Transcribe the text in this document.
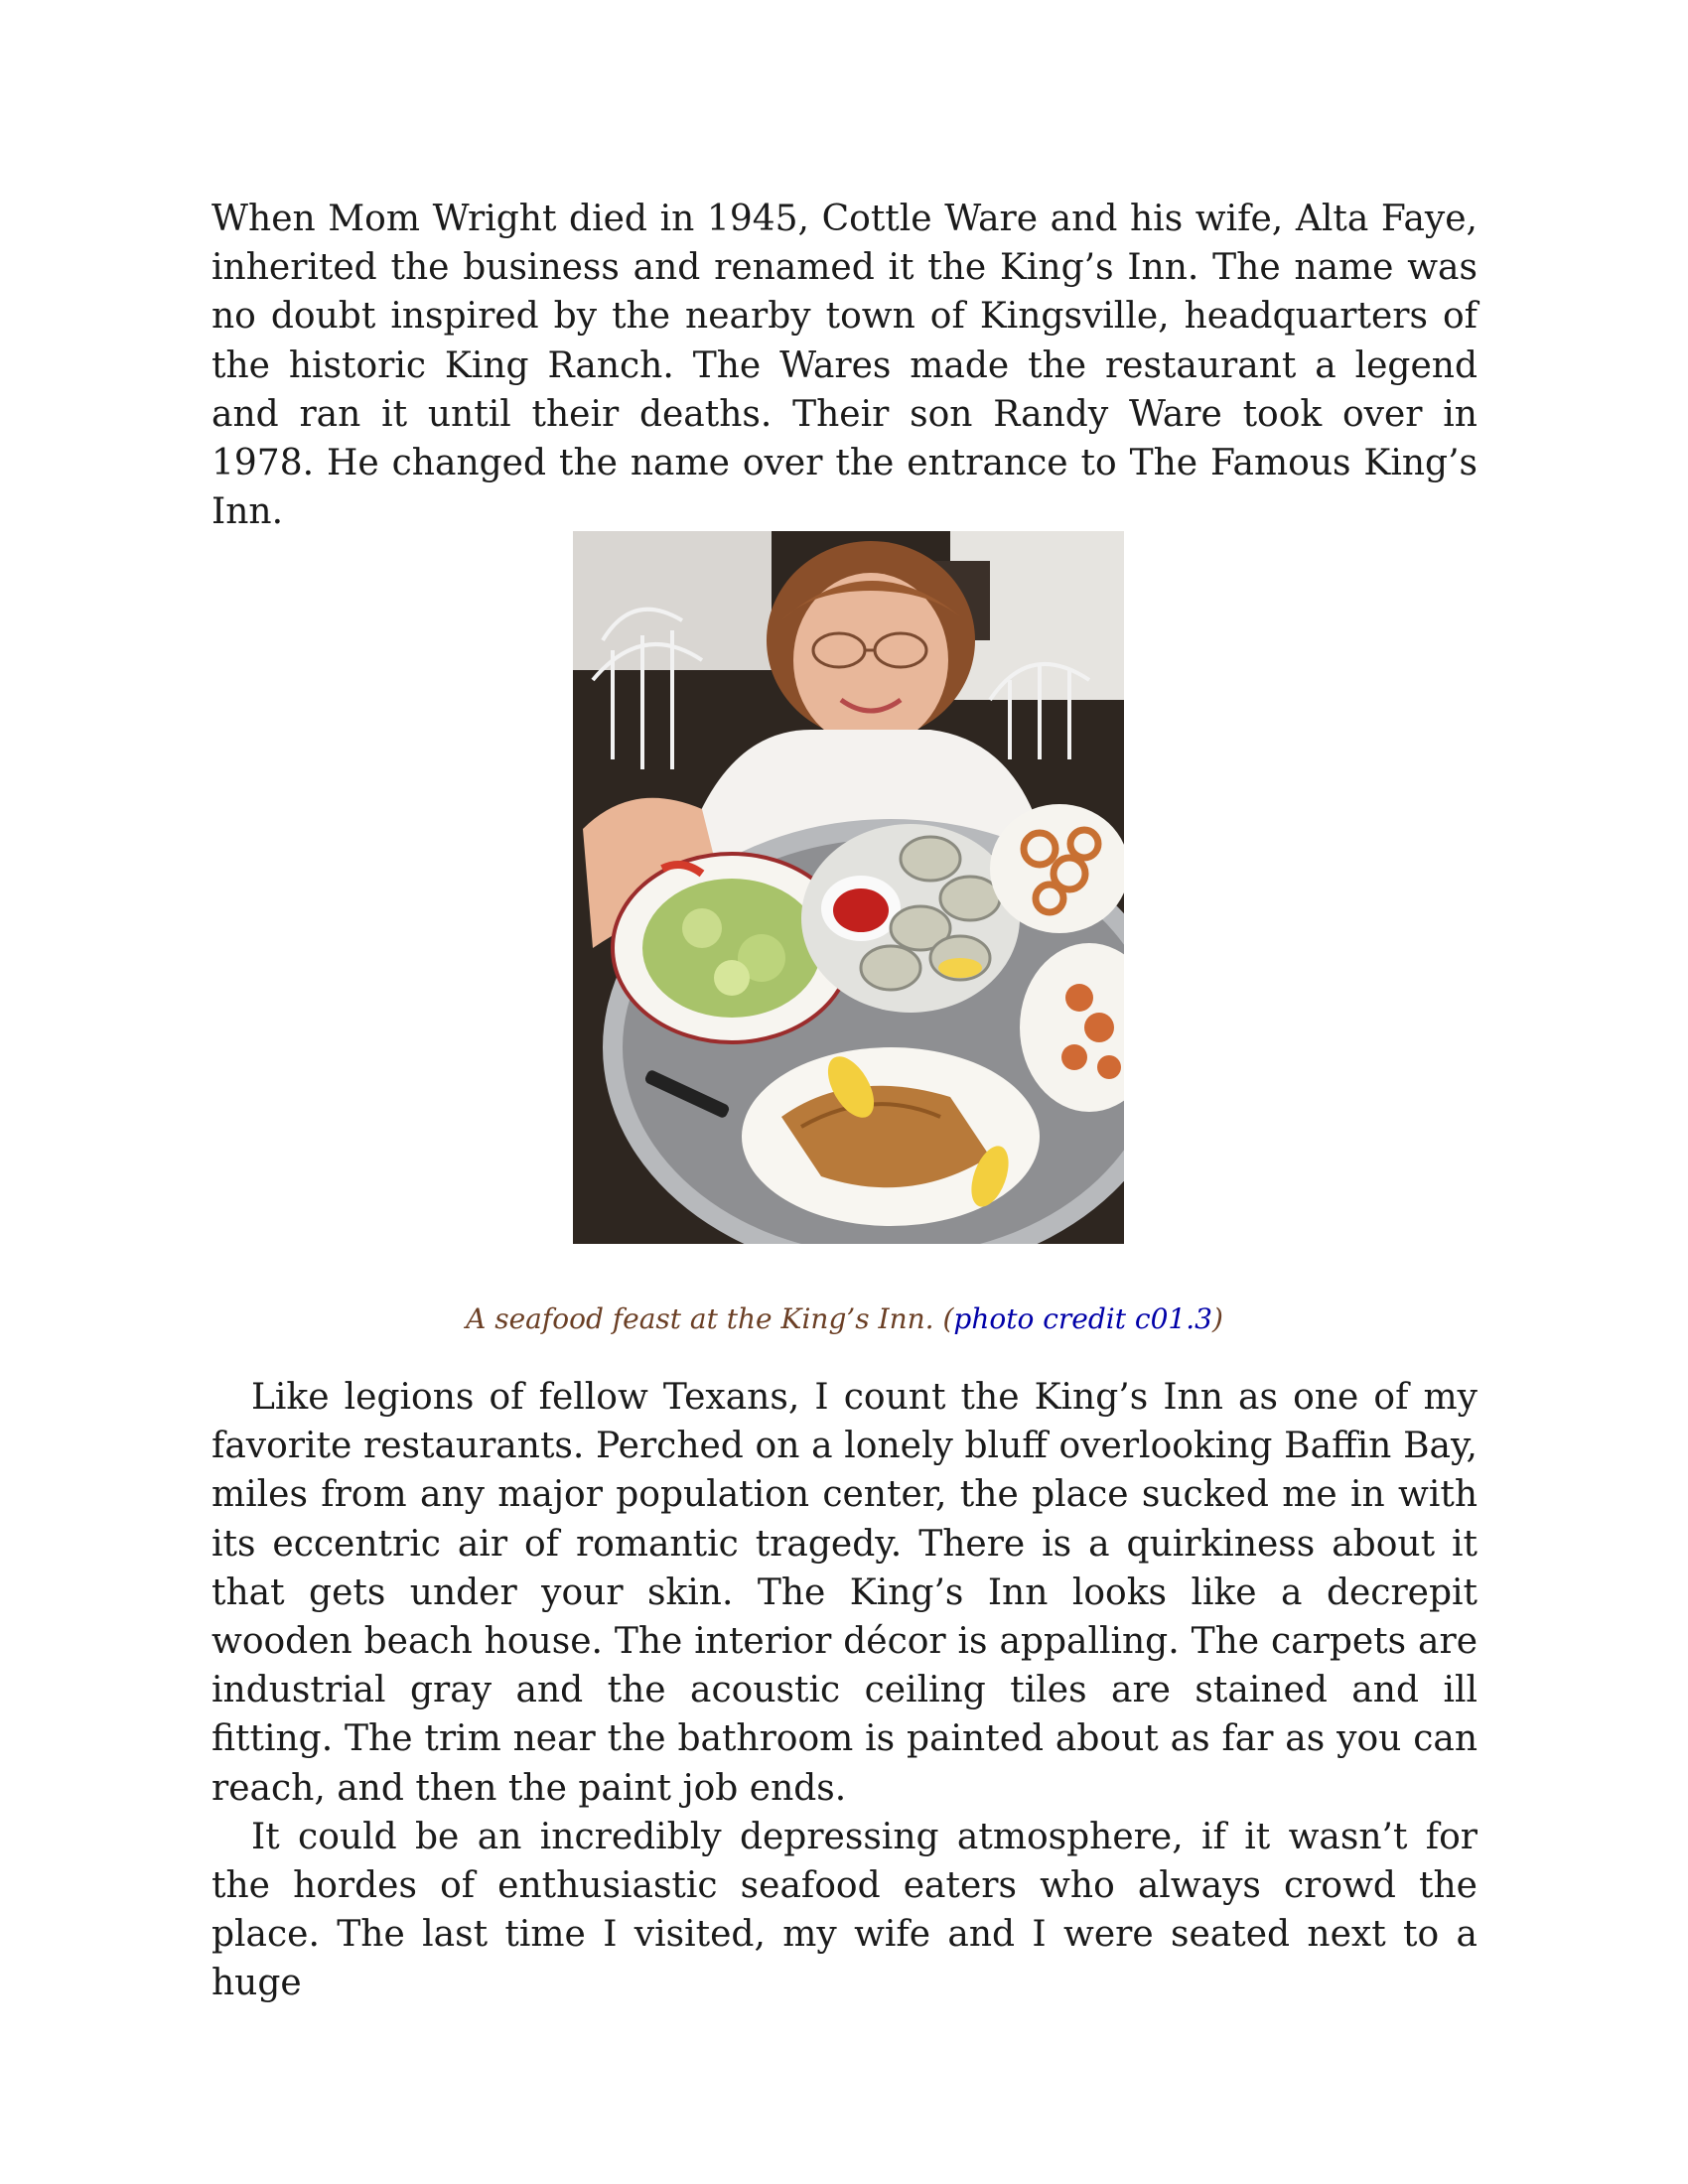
When Mom Wright died in 1945, Cottle Ware and his wife, Alta Faye, inherited the business and renamed it the King’s Inn. The name was no doubt inspired by the nearby town of Kingsville, headquarters of the historic King Ranch. The Wares made the restaurant a legend and ran it until their deaths. Their son Randy Ware took over in 1978. He changed the name over the entrance to The Famous King’s Inn.

A seafood feast at the King’s Inn. (photo credit c01.3)

Like legions of fellow Texans, I count the King’s Inn as one of my favorite restaurants. Perched on a lonely bluff overlooking Baffin Bay, miles from any major population center, the place sucked me in with its eccentric air of romantic tragedy. There is a quirkiness about it that gets under your skin. The King’s Inn looks like a decrepit wooden beach house. The interior décor is appalling. The carpets are industrial gray and the acoustic ceiling tiles are stained and ill fitting. The trim near the bathroom is painted about as far as you can reach, and then the paint job ends.

It could be an incredibly depressing atmosphere, if it wasn’t for the hordes of enthusiastic seafood eaters who always crowd the place. The last time I visited, my wife and I were seated next to a huge
